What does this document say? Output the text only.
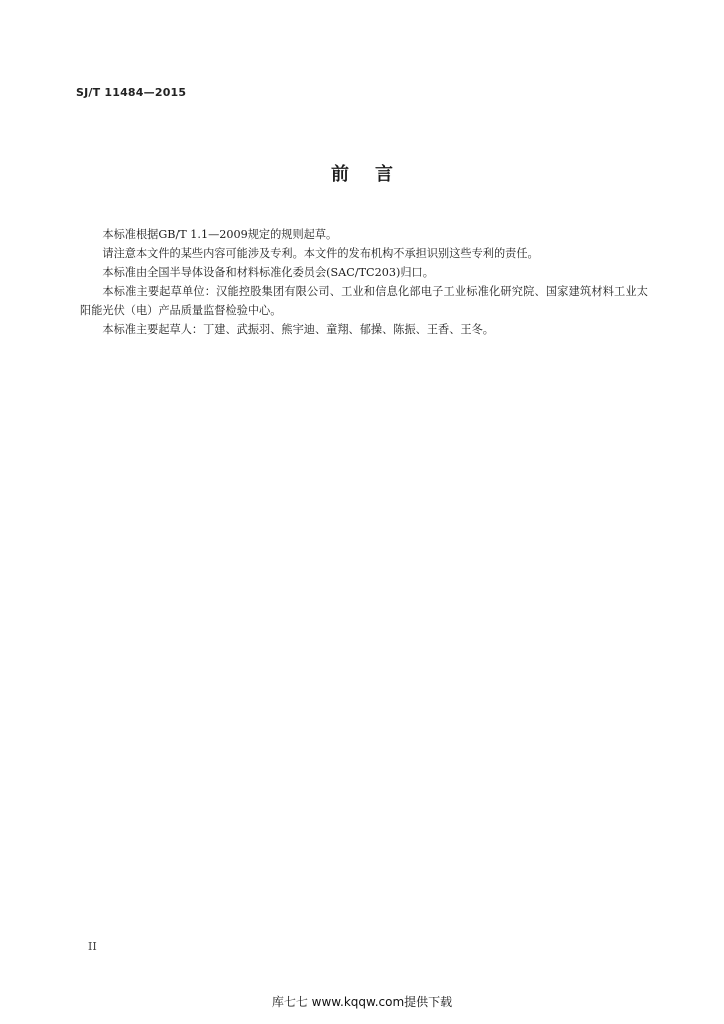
SJ/T 11484—2015
前言

本标准根据GB/T 1.1—2009规定的规则起草。

请注意本文件的某些内容可能涉及专利。本文件的发布机构不承担识别这些专利的责任。

本标准由全国半导体设备和材料标准化委员会(SAC/TC203)归口。

本标准主要起草单位：汉能控股集团有限公司、工业和信息化部电子工业标准化研究院、国家建筑材料工业太阳能光伏（电）产品质量监督检验中心。

本标准主要起草人：丁建、武振羽、熊宇迪、童翔、郁操、陈振、王香、王冬。

II
库七七 www.kqqw.com提供下载
